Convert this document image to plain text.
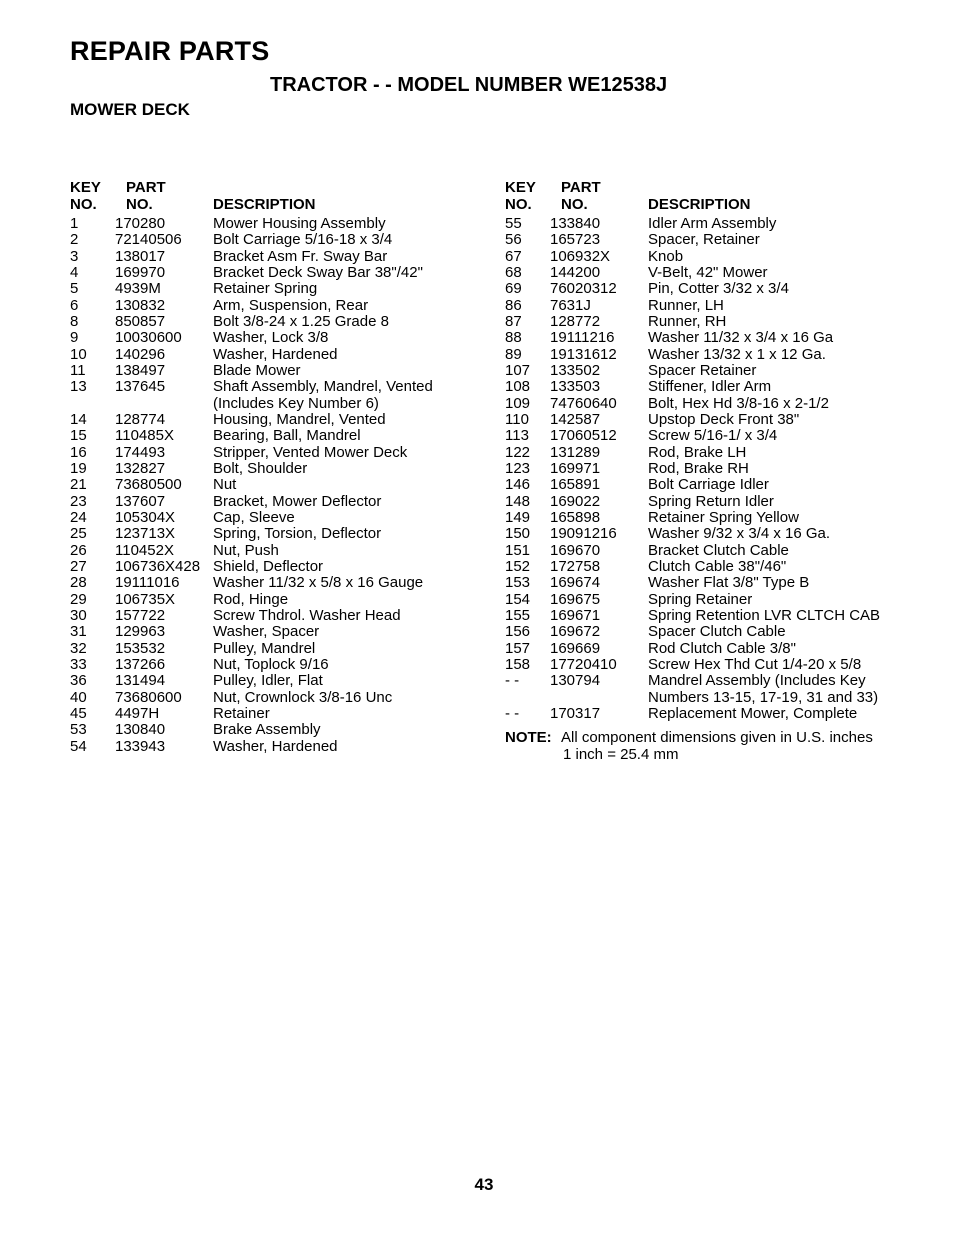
REPAIR PARTS
TRACTOR - - MODEL NUMBER WE12538J
MOWER DECK
KEY
NO.
PART
NO.	DESCRIPTION
1 170280	Mower Housing Assembly
2 72140506 Bolt Carriage 5/16-18 x 3/4
3 138017	Bracket Asm Fr. Sway Bar
4 169970	Bracket Deck Sway Bar 38"/42"
5 4939M	Retainer Spring
6 130832	Arm, Suspension, Rear
8 850857	Bolt 3/8-24 x 1.25 Grade 8
9 10030600 Washer, Lock 3/8
10 140296	Washer, Hardened
11 138497	Blade Mower
13 137645	Shaft Assembly, Mandrel, Vented
(Includes Key Number 6)
14 128774	Housing, Mandrel, Vented
15 110485X	Bearing, Ball, Mandrel
16 174493	Stripper, Vented Mower Deck
19 132827	Bolt, Shoulder
21 73680500 Nut
23 137607	Bracket, Mower Deflector
24 105304X	Cap, Sleeve
25 123713X	Spring, Torsion, Deflector
26 110452X	Nut, Push
27 106736X428 Shield, Deflector
28 19111016 Washer 11/32 x 5/8 x 16 Gauge
29 106735X	Rod, Hinge
30 157722	Screw Thdrol. Washer Head
31 129963	Washer, Spacer
32 153532	Pulley, Mandrel
33 137266	Nut, Toplock 9/16
36 131494	Pulley, Idler, Flat
40 73680600 Nut, Crownlock 3/8-16 Unc
45 4497H	Retainer
53 130840	Brake Assembly
54 133943	Washer, Hardened
KEY
NO.
PART
NO.	DESCRIPTION
55 133840	Idler Arm Assembly
56 165723	Spacer, Retainer
67 106932X	Knob
68 144200	V-Belt, 42" Mower
69 76020312 Pin, Cotter 3/32 x 3/4
86 7631J	Runner, LH
87 128772	Runner, RH
88 19111216 Washer 11/32 x 3/4 x 16 Ga
89 19131612 Washer 13/32 x 1 x 12 Ga.
107 133502	Spacer Retainer
108 133503	Stiffener, Idler Arm
109 74760640 Bolt, Hex Hd 3/8-16 x 2-1/2
110 142587	Upstop Deck Front 38"
113 17060512 Screw 5/16-1/ x 3/4
122 131289	Rod, Brake LH
123 169971	Rod, Brake RH
146 165891	Bolt Carriage Idler
148 169022	Spring Return Idler
149 165898	Retainer Spring Yellow
150 19091216 Washer 9/32 x 3/4 x 16 Ga.
151 169670	Bracket Clutch Cable
152 172758	Clutch Cable 38"/46"
153 169674	Washer Flat 3/8" Type B
154 169675	Spring Retainer
155 169671	Spring Retention LVR CLTCH CAB
156 169672	Spacer Clutch Cable
157 169669	Rod Clutch Cable 3/8"
158 17720410 Screw Hex Thd Cut 1/4-20 x 5/8
- - 130794	Mandrel Assembly (Includes Key
Numbers 13-15, 17-19, 31 and 33)
- - 170317	Replacement Mower, Complete
NOTE: All component dimensions given in U.S. inches
1 inch = 25.4 mm
43
